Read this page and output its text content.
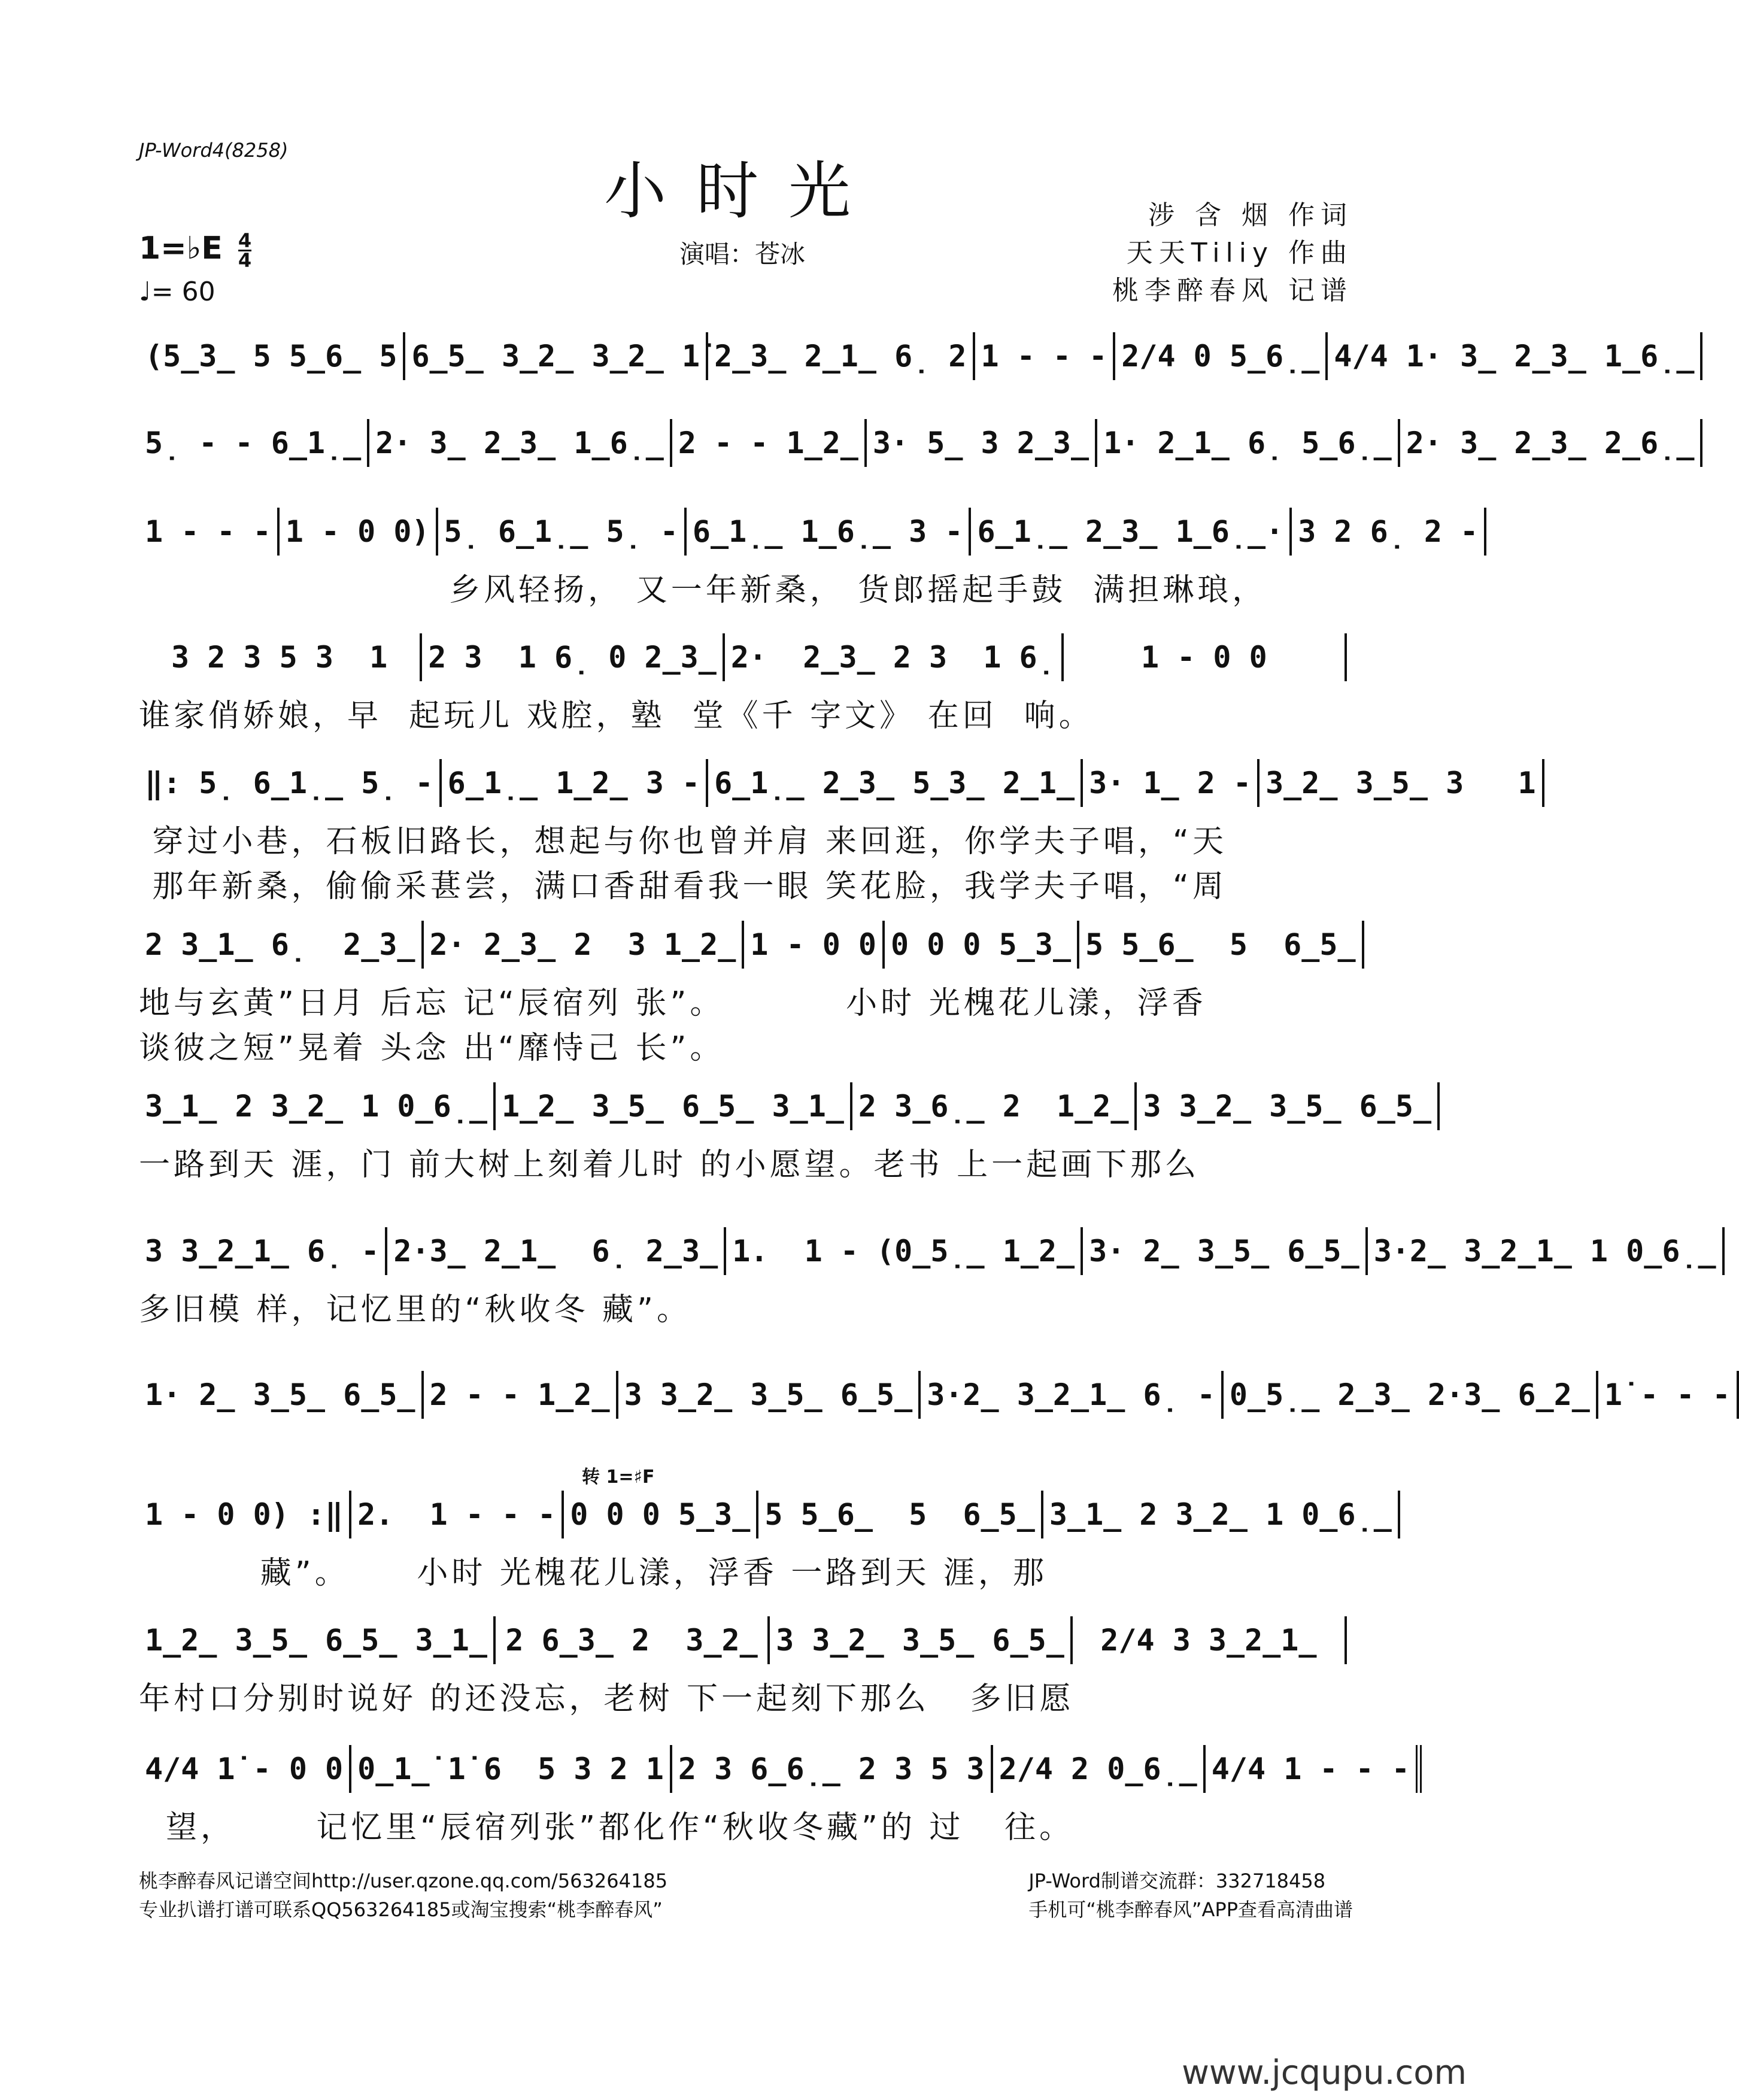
JP-Word4(8258)
小时光
演唱：苍冰
涉 含 烟 作词
天天Tiliy 作曲
桃李醉春风 记谱
1=♭E $\frac{4}{4}$
♩= 60
(5̲3̲ 5 5̲6̲ 5 6̲5̲ 3̲2̲ 3̲2̲ 1̇ 2̲3̲ 2̲1̲ 6̣ 2 1 - - - 2/4 0 5̲6̣̲ 4/4 1· 3̲ 2̲3̲ 1̲6̣̲
5̣ - - 6̲1̣̲ 2· 3̲ 2̲3̲ 1̲6̣̲ 2 - - 1̲2̲ 3· 5̲ 3 2̲3̲ 1· 2̲1̲ 6̣ 5̲6̣̲ 2· 3̲ 2̲3̲ 2̲6̣̲
1 - - - 1 - 0 0) 5̣ 6̲1̣̲ 5̣ - 6̲1̣̲ 1̲6̣̲ 3 - 6̲1̣̲ 2̲3̲ 1̲6̣̲· 3 2 6̣ 2 -
乡风轻扬， 又一年新桑， 货郎摇起手鼓  满担琳琅，
3 2 3 5 3  1	2 3  1 6̣ 0 2̲3̲ 2·  2̲3̲ 2 3  1 6̣	1 - 0 0
谁家俏娇娘，早  起玩儿 戏腔，塾  堂《千 字文》 在回  响。
‖: 5̣ 6̲1̣̲ 5̣ - 6̲1̣̲ 1̲2̲ 3 - 6̲1̣̲ 2̲3̲ 5̲3̲ 2̲1̲ 3· 1̲ 2 - 3̲2̲ 3̲5̲ 3   1
穿过小巷，石板旧路长，想起与你也曾并肩 来回逛，你学夫子唱，“天
那年新桑，偷偷采葚尝，满口香甜看我一眼 笑花脸，我学夫子唱，“周
2 3̲1̲ 6̣  2̲3̲ 2· 2̲3̲ 2  3 1̲2̲ 1 - 0 0 0 0 0 5̲3̲ 5 5̲6̲  5  6̲5̲
地与玄黄”日月 后忘 记“辰宿列 张”。         小时 光槐花儿漾，浮香
谈彼之短”晃着 头念 出“靡恃己 长”。
3̲1̲ 2 3̲2̲ 1 0̲6̣̲ 1̲2̲ 3̲5̲ 6̲5̲ 3̲1̲ 2 3̲6̣̲ 2  1̲2̲ 3 3̲2̲ 3̲5̲ 6̲5̲
一路到天 涯，门 前大树上刻着儿时 的小愿望。老书 上一起画下那么
3 3̲2̲1̲ 6̣ - 2·3̲ 2̲1̲  6̣ 2̲3̲ 1.  1 - (0̲5̣̲ 1̲2̲ 3· 2̲ 3̲5̲ 6̲5̲ 3·2̲ 3̲2̲1̲ 1 0̲6̣̲
多旧模 样，记忆里的“秋收冬 藏”。
1· 2̲ 3̲5̲ 6̲5̲ 2 - - 1̲2̲ 3 3̲2̲ 3̲5̲ 6̲5̲ 3·2̲ 3̲2̲1̲ 6̣ - 0̲5̣̲ 2̲3̲ 2·3̲ 6̲2̲ 1̇ - - -
1 - 0 0) :‖ 2.  1 - - - 0 0 0 5̲3̲ 5 5̲6̲  5  6̲5̲ 3̲1̲ 2 3̲2̲ 1 0̲6̣̲
转 1=♯F
藏”。     小时 光槐花儿漾，浮香 一路到天 涯，那
1̲2̲ 3̲5̲ 6̲5̲ 3̲1̲ 2 6̲3̲ 2  3̲2̲ 3 3̲2̲ 3̲5̲ 6̲5̲	2/4 3 3̲2̲1̲
年村口分别时说好 的还没忘，老树 下一起刻下那么   多旧愿
4/4 1̇ - 0 0 0̲1̲̇ 1̇ 6  5 3 2 1 2 3 6̲6̣̲ 2 3 5 3 2/4 2 0̲6̣̲ 4/4 1 - - -
望，      记忆里“辰宿列张”都化作“秋收冬藏”的 过   往。
桃李醉春风记谱空间http://user.qzone.qq.com/563264185
专业扒谱打谱可联系QQ563264185或淘宝搜索“桃李醉春风”
JP-Word制谱交流群：332718458
手机可“桃李醉春风”APP查看高清曲谱
www.jcqupu.com
